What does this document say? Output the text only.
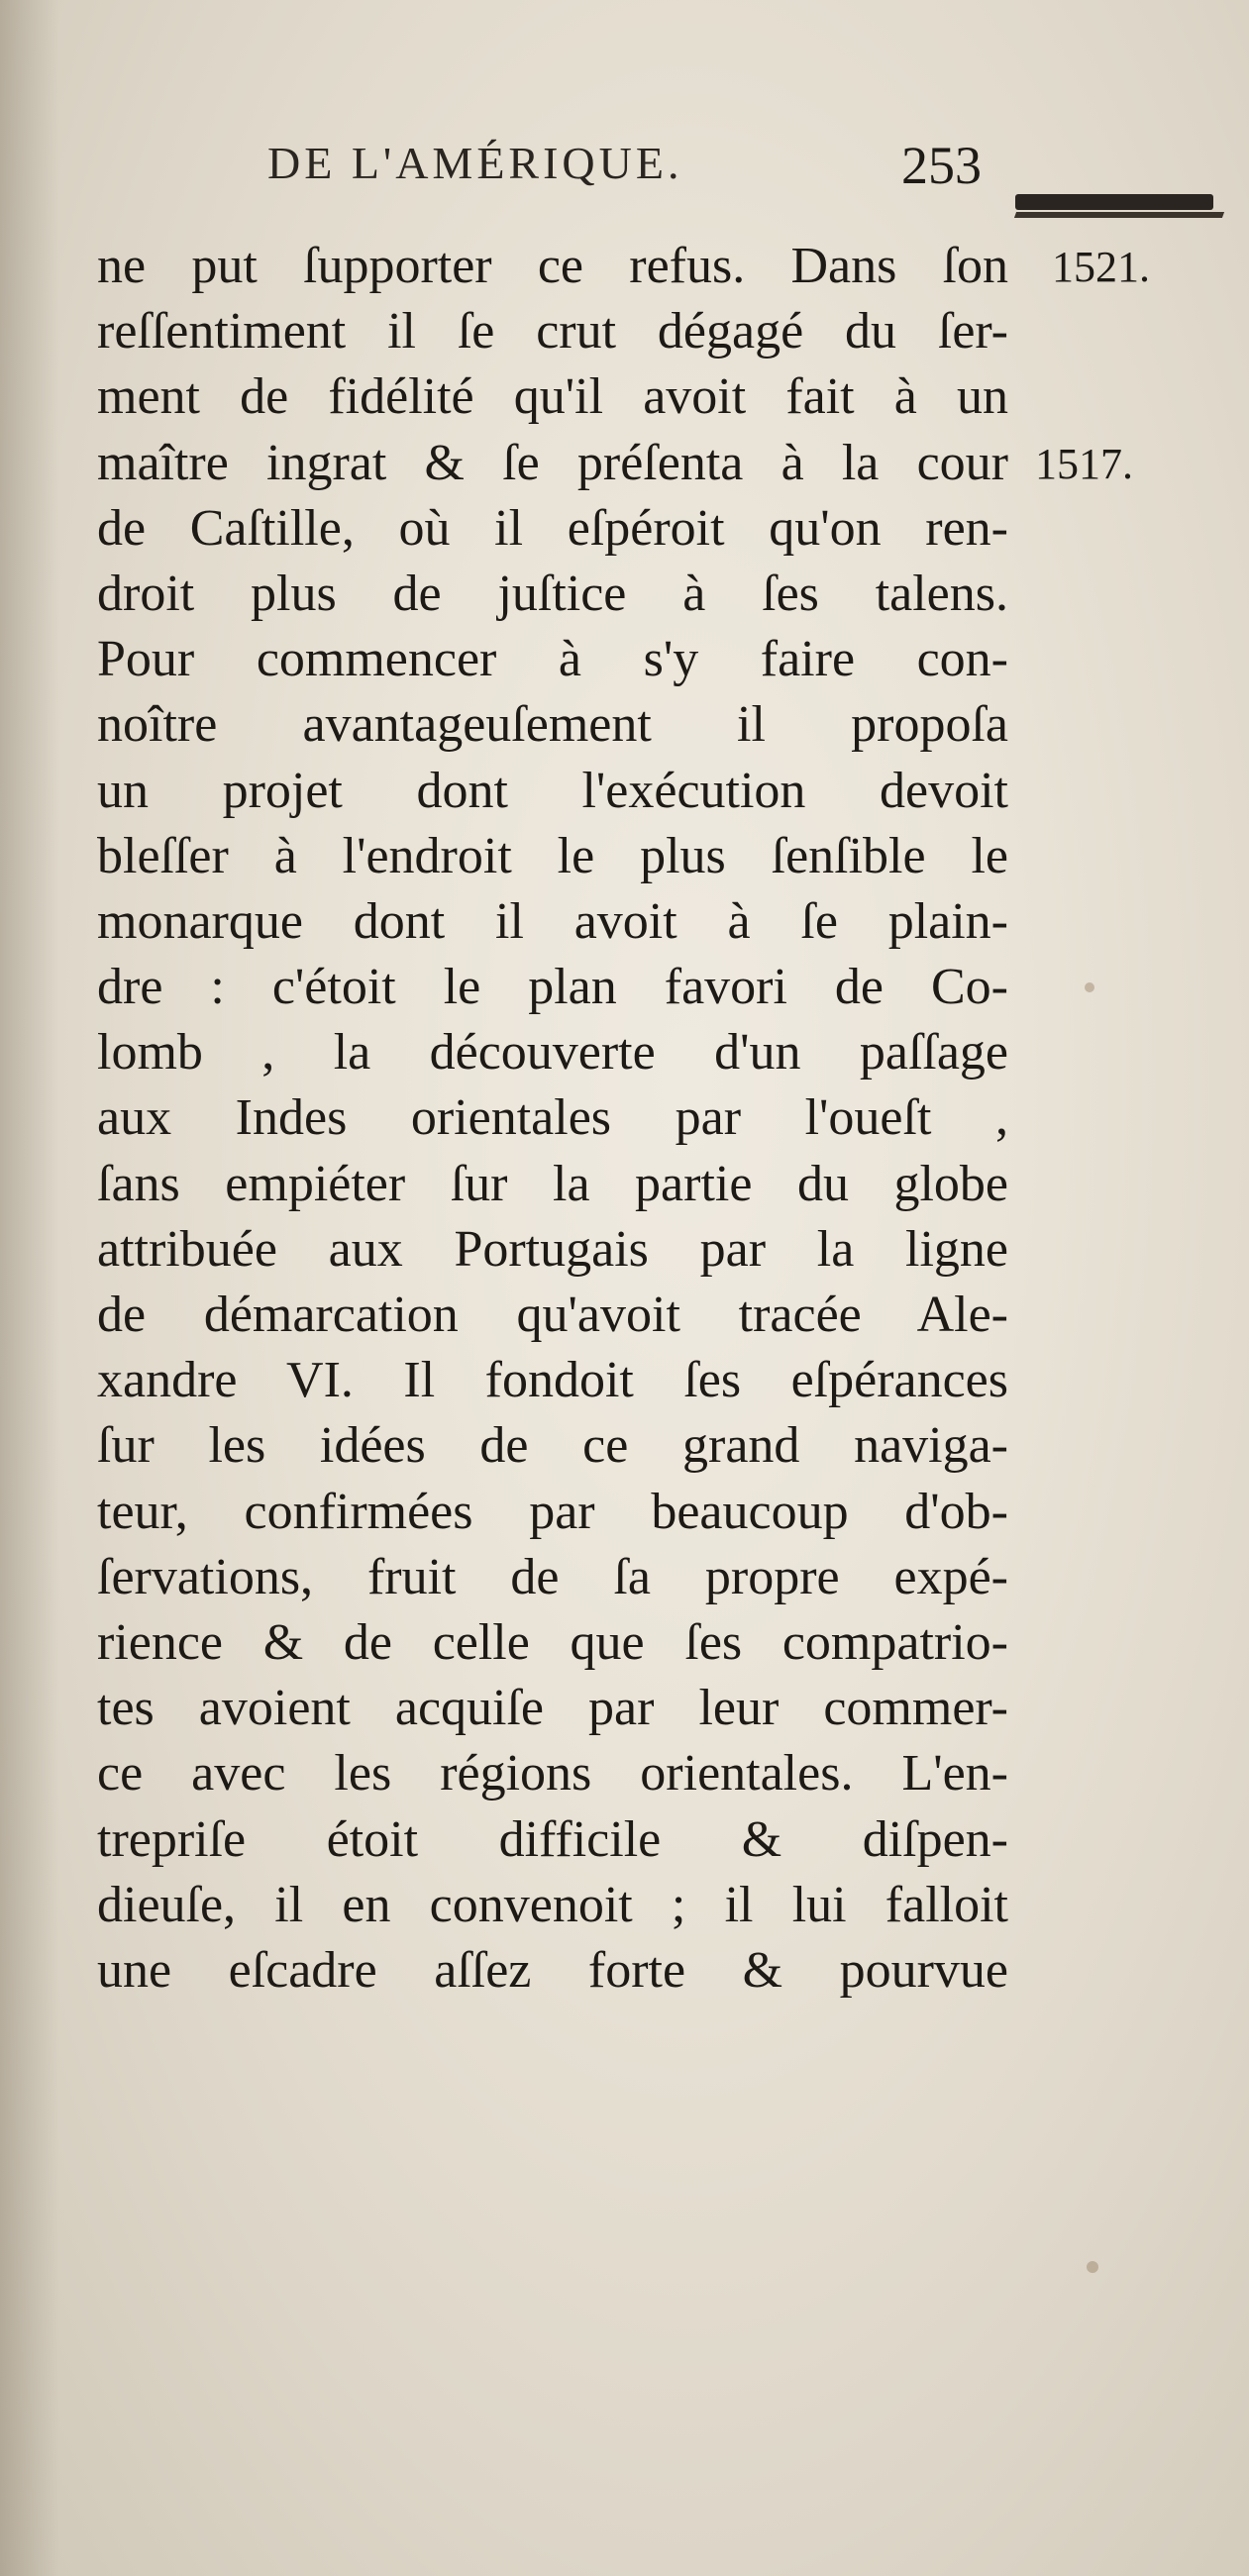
DE L'AMÉRIQUE.	253
1521.
1517.
ne put ſupporter ce refus. Dans ſon
reſſentiment il ſe crut dégagé du ſer-
ment de fidélité qu'il avoit fait à un
maître ingrat & ſe préſenta à la cour
de Caſtille, où il eſpéroit qu'on ren-
droit plus de juſtice à ſes talens.
Pour commencer à s'y faire con-
noître avantageuſement il propoſa
un projet dont l'exécution devoit
bleſſer à l'endroit le plus ſenſible le
monarque dont il avoit à ſe plain-
dre : c'étoit le plan favori de Co-
lomb , la découverte d'un paſſage
aux Indes orientales par l'oueſt ,
ſans empiéter ſur la partie du globe
attribuée aux Portugais par la ligne
de démarcation qu'avoit tracée Ale-
xandre VI. Il fondoit ſes eſpérances
ſur les idées de ce grand naviga-
teur, confirmées par beaucoup d'ob-
ſervations, fruit de ſa propre expé-
rience & de celle que ſes compatrio-
tes avoient acquiſe par leur commer-
ce avec les régions orientales. L'en-
trepriſe étoit difficile & diſpen-
dieuſe, il en convenoit ; il lui falloit
une eſcadre aſſez forte & pourvue
